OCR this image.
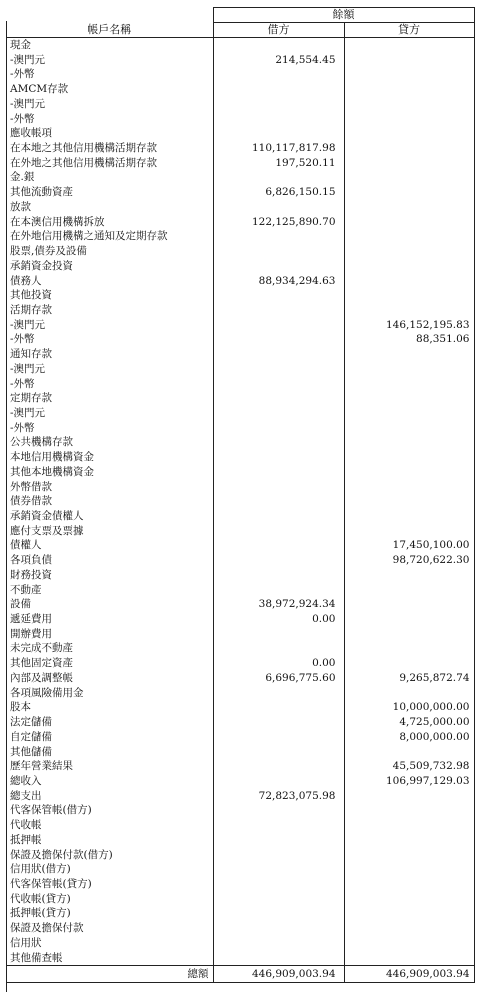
	餘額	
帳戶名稱	借方	貸方
現金		
-澳門元	214,554.45	
-外幣		
AMCM存款		
-澳門元		
-外幣		
應收帳項		
在本地之其他信用機構活期存款	110,117,817.98	
在外地之其他信用機構活期存款	197,520.11	
金.銀		
其他流動資產	6,826,150.15	
放款		
在本澳信用機構拆放	122,125,890.70	
在外地信用機構之通知及定期存款		
股票,債券及設備		
承銷資金投資		
債務人	88,934,294.63	
其他投資		
活期存款		
-澳門元		146,152,195.83
-外幣		88,351.06
通知存款		
-澳門元		
-外幣		
定期存款		
-澳門元		
-外幣		
公共機構存款		
本地信用機構資金		
其他本地機構資金		
外幣借款		
債券借款		
承銷資金債權人		
應付支票及票據		
債權人		17,450,100.00
各項負債		98,720,622.30
財務投資		
不動產		
設備	38,972,924.34	
遞延費用	0.00	
開辦費用		
未完成不動產		
其他固定資產	0.00	
內部及調整帳	6,696,775.60	9,265,872.74
各項風險備用金		
股本		10,000,000.00
法定儲備		4,725,000.00
自定儲備		8,000,000.00
其他儲備		
歷年營業結果		45,509,732.98
總收入		106,997,129.03
總支出	72,823,075.98	
代客保管帳(借方)		
代收帳		
抵押帳		
保證及擔保付款(借方)		
信用狀(借方)		
代客保管帳(貸方)		
代收帳(貸方)		
抵押帳(貸方)		
保證及擔保付款		
信用狀		
其他備查帳		
總額	446,909,003.94	446,909,003.94
